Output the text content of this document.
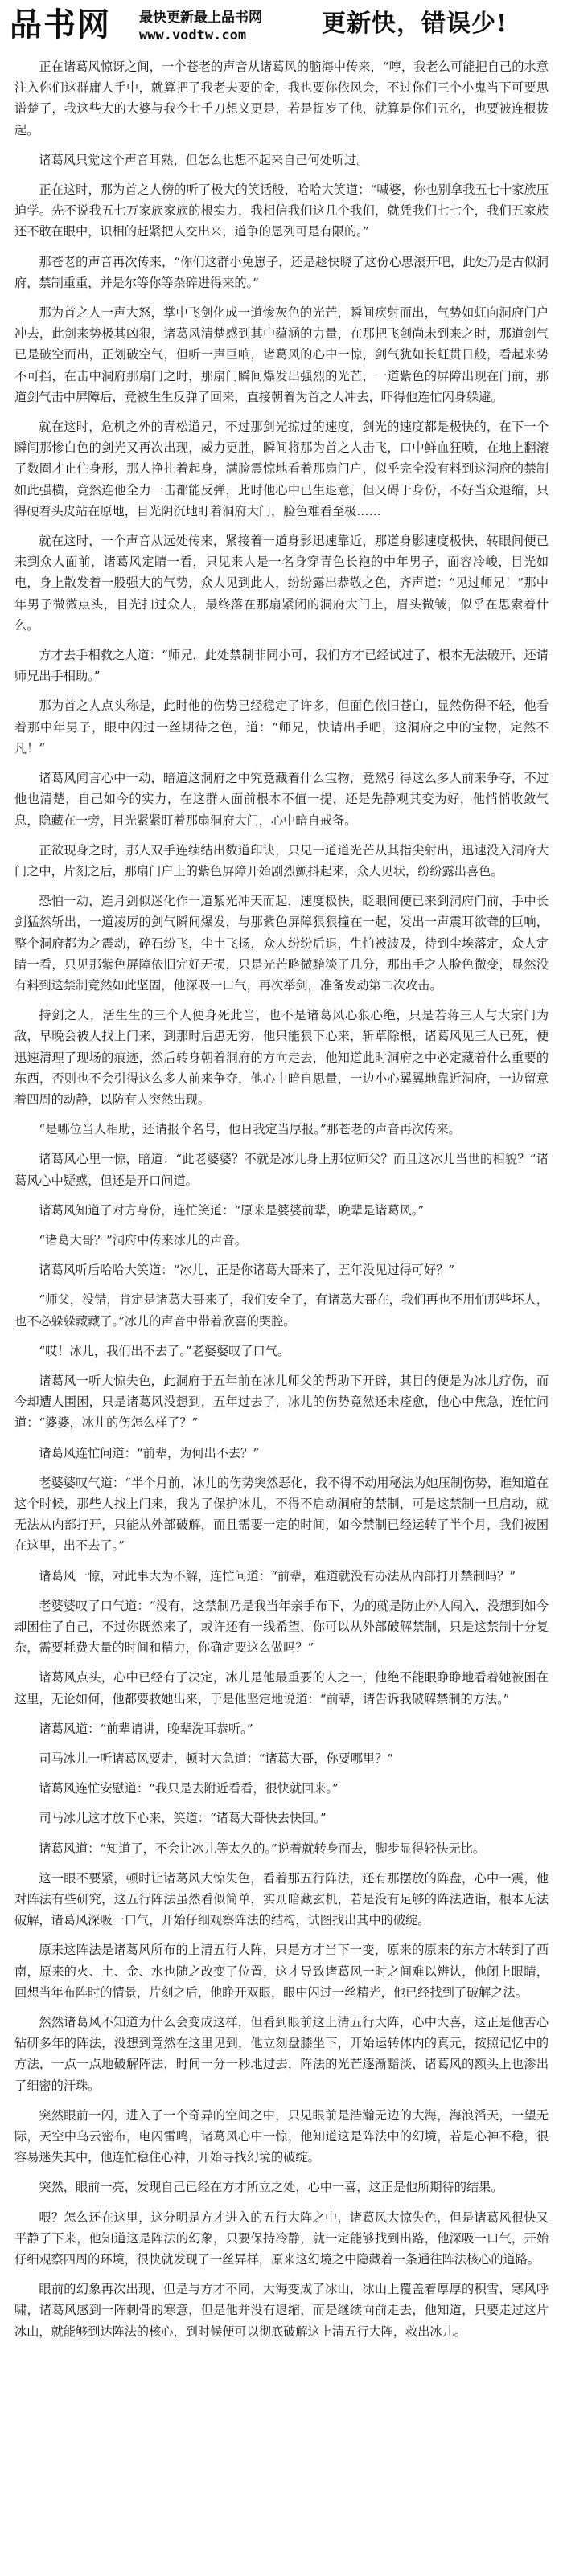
品书网 最快更新最上品书网
www.vodtw.com	更新快，错误少!

正在诸葛风惊讶之间，一个苍老的声音从诸葛风的脑海中传来，“哼，我老么可能把自己的水意注入你们这群庸人手中，就算把了我老夫要的命，我也要你依风会，不过你们三个小鬼当下可要思谱楚了，我这些大的大婆与我今七千刀想义更是，若是捉岁了他，就算是你们五名，也要被连根拔起。

诸葛风只觉这个声音耳熟，但怎么也想不起来自己何处听过。

正在这时，那为首之人傍的听了极大的笑话般，哈哈大笑道：“喊婆，你也别拿我五七十家族压迫学。先不说我五七万家族家族的根实力，我相信我们这几个我们，就凭我们七七个，我们五家族还不敢在眼中，识相的赶紧把人交出来，道争的恩列可是有限的。”

那苍老的声音再次传来，“你们这群小兔崽子，还是趁快晓了这份心思滚开吧，此处乃是古似洞府，禁制重重，并是尔等你等杂碎进得来的。”

那为首之人一声大怒，掌中飞剑化成一道惨灰色的光芒，瞬间疾射而出，气势如虹向洞府门户冲去，此剑来势极其凶狠，诸葛风清楚感到其中蕴涵的力量，在那把飞剑尚未到来之时，那道剑气已是破空而出，正划破空气，但听一声巨响，诸葛风的心中一惊，剑气犹如长虹贯日般，看起来势不可挡，在击中洞府那扇门之时，那扇门瞬间爆发出强烈的光芒，一道紫色的屏障出现在门前，那道剑气击中屏障后，竟被生生反弹了回来，直接朝着为首之人冲去，吓得他连忙闪身躲避。

就在这时，危机之外的青松道兄，不过那剑光掠过的速度，剑光的速度都是极快的，在下一个瞬间那惨白色的剑光又再次出现，威力更胜，瞬间将那为首之人击飞，口中鲜血狂喷，在地上翻滚了数圈才止住身形，那人挣扎着起身，满脸震惊地看着那扇门户，似乎完全没有料到这洞府的禁制如此强横，竟然连他全力一击都能反弹，此时他心中已生退意，但又碍于身份，不好当众退缩，只得硬着头皮站在原地，目光阴沉地盯着洞府大门，脸色难看至极……

就在这时，一个声音从远处传来，紧接着一道身影迅速靠近，那道身影速度极快，转眼间便已来到众人面前，诸葛风定睛一看，只见来人是一名身穿青色长袍的中年男子，面容冷峻，目光如电，身上散发着一股强大的气势，众人见到此人，纷纷露出恭敬之色，齐声道：“见过师兄！”那中年男子微微点头，目光扫过众人，最终落在那扇紧闭的洞府大门上，眉头微皱，似乎在思索着什么。

方才去手相救之人道：“师兄，此处禁制非同小可，我们方才已经试过了，根本无法破开，还请师兄出手相助。”

那为首之人点头称是，此时他的伤势已经稳定了许多，但面色依旧苍白，显然伤得不轻，他看着那中年男子，眼中闪过一丝期待之色，道：“师兄，快请出手吧，这洞府之中的宝物，定然不凡！”

诸葛风闻言心中一动，暗道这洞府之中究竟藏着什么宝物，竟然引得这么多人前来争夺，不过他也清楚，自己如今的实力，在这群人面前根本不值一提，还是先静观其变为好，他悄悄收敛气息，隐藏在一旁，目光紧紧盯着那扇洞府大门，心中暗自戒备。

正欲现身之时，那人双手连续结出数道印诀，只见一道道光芒从其指尖射出，迅速没入洞府大门之中，片刻之后，那扇门户上的紫色屏障开始剧烈颤抖起来，众人见状，纷纷露出喜色。

恐怕一动，连月剑似迷化作一道紫光冲天而起，速度极快，眨眼间便已来到洞府门前，手中长剑猛然斩出，一道凌厉的剑气瞬间爆发，与那紫色屏障狠狠撞在一起，发出一声震耳欲聋的巨响，整个洞府都为之震动，碎石纷飞，尘土飞扬，众人纷纷后退，生怕被波及，待到尘埃落定，众人定睛一看，只见那紫色屏障依旧完好无损，只是光芒略微黯淡了几分，那出手之人脸色微变，显然没有料到这禁制竟然如此坚固，他深吸一口气，再次举剑，准备发动第二次攻击。

持剑之人，活生生的三个人便身死此当，也不是诸葛风心狠心绝，只是若蒋三人与大宗门为敌，早晚会被人找上门来，到那时后患无穷，他只能狠下心来，斩草除根，诸葛风见三人已死，便迅速清理了现场的痕迹，然后转身朝着洞府的方向走去，他知道此时洞府之中必定藏着什么重要的东西，否则也不会引得这么多人前来争夺，他心中暗自思量，一边小心翼翼地靠近洞府，一边留意着四周的动静，以防有人突然出现。

“是哪位当人相助，还请报个名号，他日我定当厚报。”那苍老的声音再次传来。

诸葛风心里一惊，暗道：“此老婆婆？不就是冰儿身上那位师父？而且这冰儿当世的相貌？”诸葛风心中疑惑，但还是开口问道。

诸葛风知道了对方身份，连忙笑道：“原来是婆婆前辈，晚辈是诸葛风。”

“诸葛大哥？”洞府中传来冰儿的声音。

诸葛风听后哈哈大笑道：“冰儿，正是你诸葛大哥来了，五年没见过得可好？”

“师父，没错，肯定是诸葛大哥来了，我们安全了，有诸葛大哥在，我们再也不用怕那些坏人，也不必躲躲藏藏了。”冰儿的声音中带着欣喜的哭腔。

“哎！冰儿，我们出不去了。”老婆婆叹了口气。

诸葛风一听大惊失色，此洞府于五年前在冰儿师父的帮助下开辟，其目的便是为冰儿疗伤，而今却遭人围困，只是诸葛风没想到，五年过去了，冰儿的伤势竟然还未痊愈，他心中焦急，连忙问道：“婆婆，冰儿的伤怎么样了？”

诸葛风连忙问道：“前辈，为何出不去？”

老婆婆叹气道：“半个月前，冰儿的伤势突然恶化，我不得不动用秘法为她压制伤势，谁知道在这个时候，那些人找上门来，我为了保护冰儿，不得不启动洞府的禁制，可是这禁制一旦启动，就无法从内部打开，只能从外部破解，而且需要一定的时间，如今禁制已经运转了半个月，我们被困在这里，出不去了。”

诸葛风一惊，对此事大为不解，连忙问道：“前辈，难道就没有办法从内部打开禁制吗？”

老婆婆叹了口气道：“没有，这禁制乃是我当年亲手布下，为的就是防止外人闯入，没想到如今却困住了自己，不过你既然来了，或许还有一线希望，你可以从外部破解禁制，只是这禁制十分复杂，需要耗费大量的时间和精力，你确定要这么做吗？”

诸葛风点头，心中已经有了决定，冰儿是他最重要的人之一，他绝不能眼睁睁地看着她被困在这里，无论如何，他都要救她出来，于是他坚定地说道：“前辈，请告诉我破解禁制的方法。”

诸葛风道：“前辈请讲，晚辈洗耳恭听。”

司马冰儿一听诸葛风要走，顿时大急道：“诸葛大哥，你要哪里？”

诸葛风连忙安慰道：“我只是去附近看看，很快就回来。”

司马冰儿这才放下心来，笑道：“诸葛大哥快去快回。”

诸葛风道：“知道了，不会让冰儿等太久的。”说着就转身而去，脚步显得轻快无比。

这一眼不要紧，顿时让诸葛风大惊失色，看着那五行阵法，还有那摆放的阵盘，心中一震，他对阵法有些研究，这五行阵法虽然看似简单，实则暗藏玄机，若是没有足够的阵法造诣，根本无法破解，诸葛风深吸一口气，开始仔细观察阵法的结构，试图找出其中的破绽。

原来这阵法是诸葛风所布的上清五行大阵，只是方才当下一变，原来的原来的东方木转到了西南，原来的火、土、金、水也随之改变了位置，这才导致诸葛风一时之间难以辨认，他闭上眼睛，回想当年布阵时的情景，片刻之后，他睁开双眼，眼中闪过一丝精光，他已经找到了破解之法。

然然诸葛风不知道为什么会变成这样，但看到眼前这上清五行大阵，心中大喜，这正是他苦心钻研多年的阵法，没想到竟然在这里见到，他立刻盘膝坐下，开始运转体内的真元，按照记忆中的方法，一点一点地破解阵法，时间一分一秒地过去，阵法的光芒逐渐黯淡，诸葛风的额头上也渗出了细密的汗珠。

突然眼前一闪，进入了一个奇异的空间之中，只见眼前是浩瀚无边的大海，海浪滔天，一望无际，天空中乌云密布，电闪雷鸣，诸葛风心中一惊，他知道这是阵法中的幻境，若是心神不稳，很容易迷失其中，他连忙稳住心神，开始寻找幻境的破绽。

突然，眼前一亮，发现自己已经在方才所立之处，心中一喜，这正是他所期待的结果。

喂？怎么还在这里，这分明是方才进入的五行大阵之中，诸葛风大惊失色，但是诸葛风很快又平静了下来，他知道这是阵法的幻象，只要保持冷静，就一定能够找到出路，他深吸一口气，开始仔细观察四周的环境，很快就发现了一丝异样，原来这幻境之中隐藏着一条通往阵法核心的道路。

眼前的幻象再次出现，但是与方才不同，大海变成了冰山，冰山上覆盖着厚厚的积雪，寒风呼啸，诸葛风感到一阵刺骨的寒意，但是他并没有退缩，而是继续向前走去，他知道，只要走过这片冰山，就能够到达阵法的核心，到时候便可以彻底破解这上清五行大阵，救出冰儿。
